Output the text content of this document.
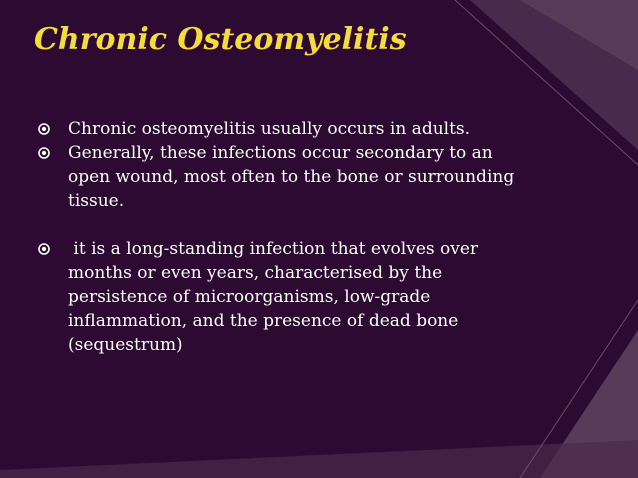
Chronic Osteomyelitis
Chronic osteomyelitis usually occurs in adults.
Generally, these infections occur secondary to an open wound, most often to the bone or surrounding tissue.
it is a long-standing infection that evolves over months or even years, characterised by the persistence of microorganisms, low-grade inflammation, and the presence of dead bone (sequestrum)
